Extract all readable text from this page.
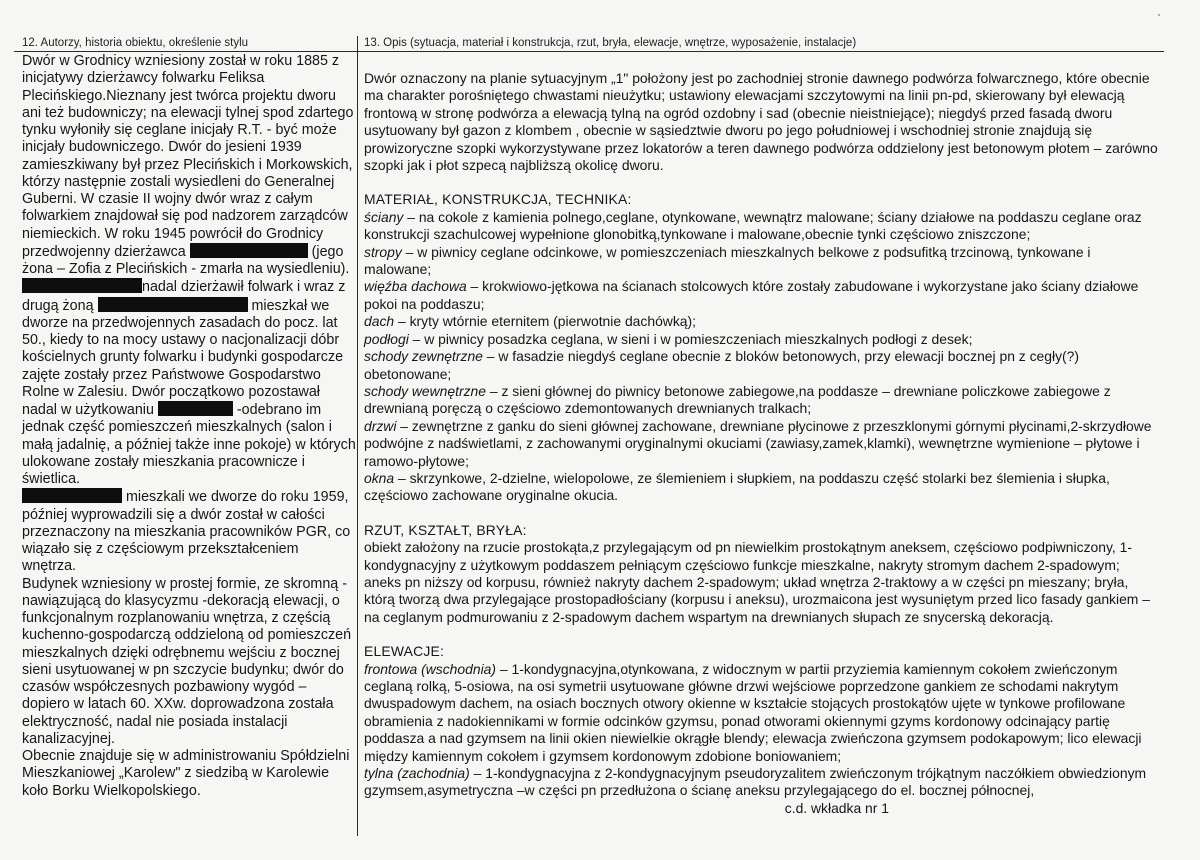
12. Autorzy, historia obiektu, określenie stylu	13. Opis (sytuacja, materiał i konstrukcja, rzut, bryła, elewacje, wnętrze, wyposażenie, instalacje)

Dwór w Grodnicy wzniesiony został w roku 1885 z inicjatywy dzierżawcy folwarku Feliksa Plecińskiego.Nieznany jest twórca projektu dworu ani też budowniczy; na elewacji tylnej spod zdartego tynku wyłoniły się ceglane inicjały R.T. - być może inicjały budowniczego. Dwór do jesieni 1939 zamieszkiwany był przez Plecińskich i Morkowskich, którzy następnie zostali wysiedleni do Generalnej Guberni. W czasie II wojny dwór wraz z całym folwarkiem znajdował się pod nadzorem zarządców niemieckich. W roku 1945 powrócił do Grodnicy przedwojenny dzierżawca	(jego żona – Zofia z Plecińskich - zmarła na wysiedleniu). nadal dzierżawił folwark i wraz z drugą żoną	mieszkał we dworze na przedwojennych zasadach do pocz. lat 50., kiedy to na mocy ustawy o nacjonalizacji dóbr kościelnych grunty folwarku i budynki gospodarcze zajęte zostały przez Państwowe Gospodarstwo Rolne w Zalesiu. Dwór początkowo pozostawał nadal w użytkowaniu	-odebrano im jednak część pomieszczeń mieszkalnych (salon i małą jadalnię, a później także inne pokoje) w których ulokowane zostały mieszkania pracownicze i świetlica.

mieszkali we dworze do roku 1959, później wyprowadzili się a dwór został w całości przeznaczony na mieszkania pracowników PGR, co wiązało się z częściowym przekształceniem wnętrza.

Budynek wzniesiony w prostej formie, ze skromną -nawiązującą do klasycyzmu -dekoracją elewacji, o funkcjonalnym rozplanowaniu wnętrza, z częścią kuchenno-gospodarczą oddzieloną od pomieszczeń mieszkalnych dzięki odrębnemu wejściu z bocznej sieni usytuowanej w pn szczycie budynku; dwór do czasów współczesnych pozbawiony wygód – dopiero w latach 60. XXw. doprowadzona została elektryczność, nadal nie posiada instalacji kanalizacyjnej.

Obecnie znajduje się w administrowaniu Spółdzielni Mieszkaniowej „Karolew" z siedzibą w Karolewie koło Borku Wielkopolskiego.

Dwór oznaczony na planie sytuacyjnym „1" położony jest po zachodniej stronie dawnego podwórza folwarcznego, które obecnie ma charakter porośniętego chwastami nieużytku; ustawiony elewacjami szczytowymi na linii pn-pd, skierowany był elewacją frontową w stronę podwórza a elewacją tylną na ogród ozdobny i sad (obecnie nieistniejące); niegdyś przed fasadą dworu usytuowany był gazon z klombem , obecnie w sąsiedztwie dworu po jego południowej i wschodniej stronie znajdują się prowizoryczne szopki wykorzystywane przez lokatorów a teren dawnego podwórza oddzielony jest betonowym płotem – zarówno szopki jak i płot szpecą najbliższą okolicę dworu.

MATERIAŁ, KONSTRUKCJA, TECHNIKA:

ściany – na cokole z kamienia polnego,ceglane, otynkowane, wewnątrz malowane; ściany działowe na poddaszu ceglane oraz konstrukcji szachulcowej wypełnione glonobitką,tynkowane i malowane,obecnie tynki częściowo zniszczone;

stropy – w piwnicy ceglane odcinkowe, w pomieszczeniach mieszkalnych belkowe z podsufitką trzcinową, tynkowane i malowane;

więźba dachowa – krokwiowo-jętkowa na ścianach stolcowych które zostały zabudowane i wykorzystane jako ściany działowe pokoi na poddaszu;

dach – kryty wtórnie eternitem (pierwotnie dachówką);

podłogi – w piwnicy posadzka ceglana, w sieni i w pomieszczeniach mieszkalnych podłogi z desek;

schody zewnętrzne – w fasadzie niegdyś ceglane obecnie z bloków betonowych, przy elewacji bocznej pn z cegły(?) obetonowane;

schody wewnętrzne – z sieni głównej do piwnicy betonowe zabiegowe,na poddasze – drewniane policzkowe zabiegowe z drewnianą poręczą o częściowo zdemontowanych drewnianych tralkach;

drzwi – zewnętrzne z ganku do sieni głównej zachowane, drewniane płycinowe z przeszklonymi górnymi płycinami,2-skrzydłowe podwójne z nadświetlami, z zachowanymi oryginalnymi okuciami (zawiasy,zamek,klamki), wewnętrzne wymienione – płytowe i ramowo-płytowe;

okna – skrzynkowe, 2-dzielne, wielopolowe, ze ślemieniem i słupkiem, na poddaszu część stolarki bez ślemienia i słupka, częściowo zachowane oryginalne okucia.

RZUT, KSZTAŁT, BRYŁA:

obiekt założony na rzucie prostokąta,z przylegającym od pn niewielkim prostokątnym aneksem, częściowo podpiwniczony, 1-kondygnacyjny z użytkowym poddaszem pełniącym częściowo funkcje mieszkalne, nakryty stromym dachem 2-spadowym; aneks pn niższy od korpusu, również nakryty dachem 2-spadowym; układ wnętrza 2-traktowy a w części pn mieszany; bryła, którą tworzą dwa przylegające prostopadłościany (korpusu i aneksu), urozmaicona jest wysuniętym przed lico fasady gankiem – na ceglanym podmurowaniu z 2-spadowym dachem wspartym na drewnianych słupach ze snycerską dekoracją.

ELEWACJE:

frontowa (wschodnia) – 1-kondygnacyjna,otynkowana, z widocznym w partii przyziemia kamiennym cokołem zwieńczonym ceglaną rolką, 5-osiowa, na osi symetrii usytuowane główne drzwi wejściowe poprzedzone gankiem ze schodami nakrytym dwuspadowym dachem, na osiach bocznych otwory okienne w kształcie stojących prostokątów ujęte w tynkowe profilowane obramienia z nadokiennikami w formie odcinków gzymsu, ponad otworami okiennymi gzyms kordonowy odcinający partię poddasza a nad gzymsem na linii okien niewielkie okrągłe blendy; elewacja zwieńczona gzymsem podokapowym; lico elewacji między kamiennym cokołem i gzymsem kordonowym zdobione boniowaniem;

tylna (zachodnia) – 1-kondygnacyjna z 2-kondygnacyjnym pseudoryzalitem zwieńczonym trójkątnym naczółkiem obwiedzionym gzymsem,asymetryczna –w części pn przedłużona o ścianę aneksu przylegającego do el. bocznej północnej,

c.d. wkładka nr 1
